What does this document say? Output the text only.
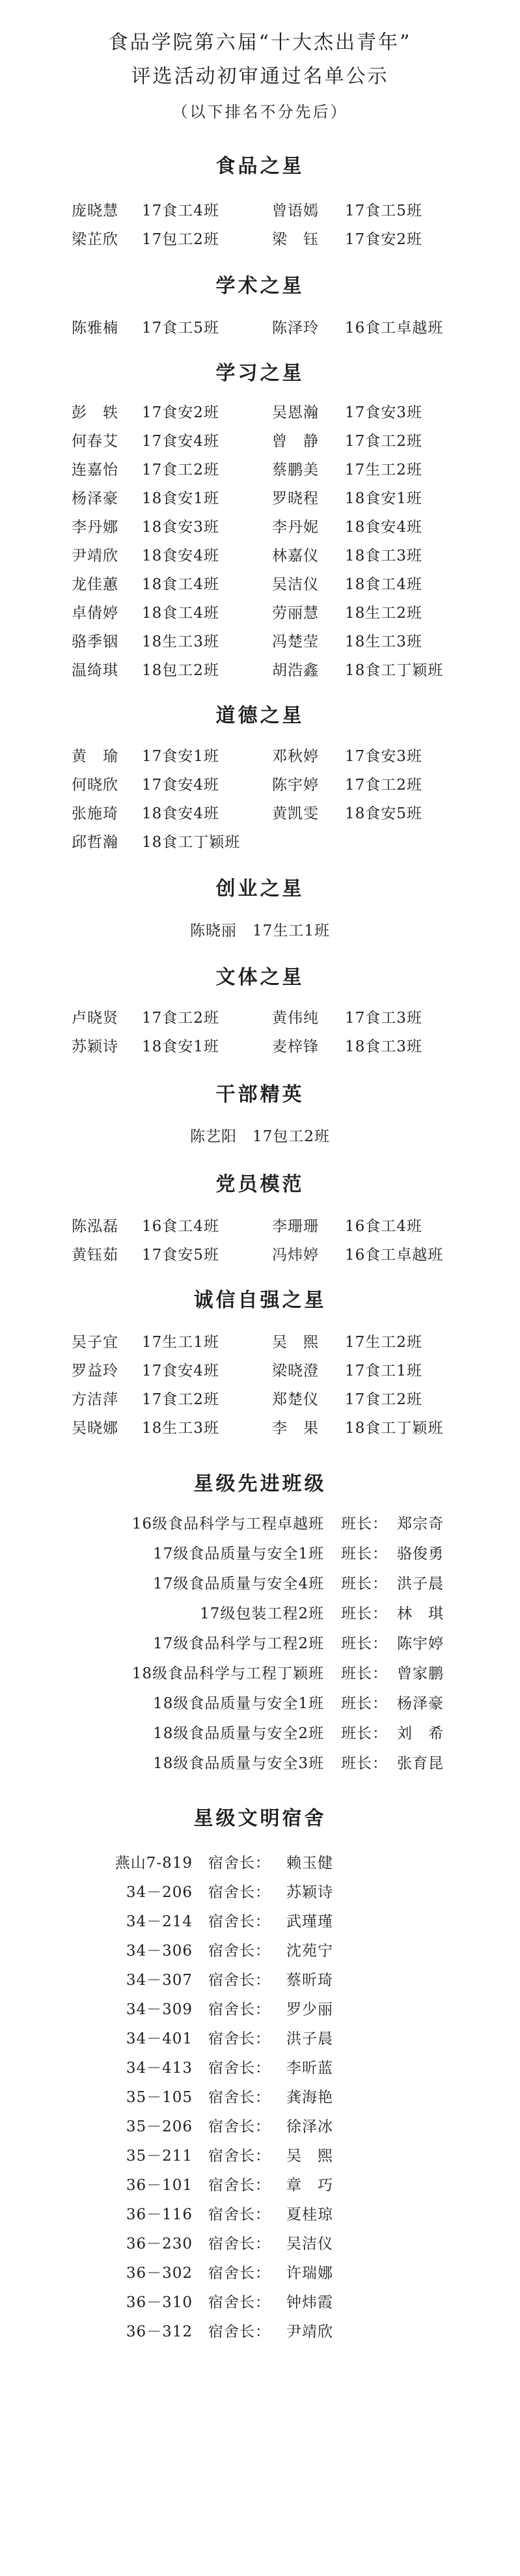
食品学院第六届“十大杰出青年”
评选活动初审通过名单公示

（以下排名不分先后）

食品之星
庞晓慧	17食工4班	曾语嫣	17食工5班
梁芷欣	17包工2班	梁　钰	17食安2班
学术之星
陈雅楠	17食工5班	陈泽玲	16食工卓越班
学习之星
彭　轶	17食安2班	吴恩瀚	17食安3班
何春艾	17食安4班	曾　静	17食工2班
连嘉怡	17食工2班	蔡鹏美	17生工2班
杨泽豪	18食安1班	罗晓程	18食安1班
李丹娜	18食安3班	李丹妮	18食安4班
尹靖欣	18食安4班	林嘉仪	18食工3班
龙佳蕙	18食工4班	吴洁仪	18食工4班
卓倩婷	18食工4班	劳丽慧	18生工2班
骆季铟	18生工3班	冯楚莹	18生工3班
温绮琪	18包工2班	胡浩鑫	18食工丁颖班
道德之星
黄　瑜	17食安1班	邓秋婷	17食安3班
何晓欣	17食安4班	陈宇婷	17食工2班
张施琦	18食安4班	黄凯雯	18食安5班
邱哲瀚	18食工丁颖班
创业之星
陈晓丽 17生工1班
文体之星
卢晓贤	17食工2班	黄伟纯	17食工3班
苏颖诗	18食安1班	麦梓锋	18食工3班
干部精英
陈艺阳 17包工2班
党员模范
陈泓磊	16食工4班	李珊珊	16食工4班
黄钰茹	17食安5班	冯炜婷	16食工卓越班
诚信自强之星
吴子宜	17生工1班	吴　煕	17生工2班
罗益玲	17食安4班	梁晓澄	17食工1班
方洁萍	17食工2班	郑楚仪	17食工2班
吴晓娜	18生工3班	李　果	18食工丁颖班
星级先进班级
16级食品科学与工程卓越班	班长： 郑宗奇
17级食品质量与安全1班	班长： 骆俊勇
17级食品质量与安全4班	班长： 洪子晨
17级包装工程2班	班长： 林　琪
17级食品科学与工程2班	班长： 陈宇婷
18级食品科学与工程丁颖班	班长： 曾家鹏
18级食品质量与安全1班	班长： 杨泽豪
18级食品质量与安全2班	班长： 刘　希
18级食品质量与安全3班	班长： 张育昆
星级文明宿舍
燕山7-819	宿舍长：	赖玉健
34－206	宿舍长：	苏颖诗
34－214	宿舍长：	武瑾瑾
34－306	宿舍长：	沈苑宁
34－307	宿舍长：	蔡昕琦
34－309	宿舍长：	罗少丽
34－401	宿舍长：	洪子晨
34－413	宿舍长：	李昕蓝
35－105	宿舍长：	龚海艳
35－206	宿舍长：	徐泽冰
35－211	宿舍长：	吴　煕
36－101	宿舍长：	章　巧
36－116	宿舍长：	夏桂琼
36－230	宿舍长：	吴洁仪
36－302	宿舍长：	许瑞娜
36－310	宿舍长：	钟炜霞
36－312	宿舍长：	尹靖欣
